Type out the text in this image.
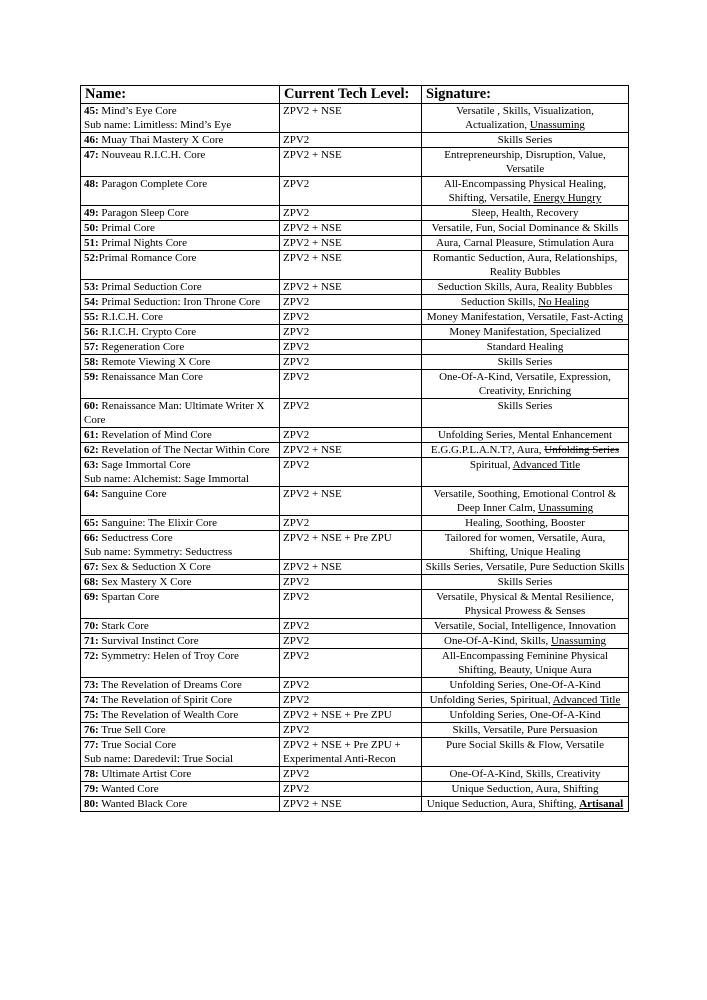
Name:	Current Tech Level:	Signature:
45: Mind’s Eye Core
Sub name: Limitless: Mind’s Eye	ZPV2 + NSE	Versatile , Skills, Visualization, Actualization, Unassuming
46: Muay Thai Mastery X Core	ZPV2	Skills Series
47: Nouveau R.I.C.H. Core	ZPV2 + NSE	Entrepreneurship, Disruption, Value, Versatile
48: Paragon Complete Core	ZPV2	All-Encompassing Physical Healing, Shifting, Versatile, Energy Hungry
49: Paragon Sleep Core	ZPV2	Sleep, Health, Recovery
50: Primal Core	ZPV2 + NSE	Versatile, Fun, Social Dominance & Skills
51: Primal Nights Core	ZPV2 + NSE	Aura, Carnal Pleasure, Stimulation Aura
52:Primal Romance Core	ZPV2 + NSE	Romantic Seduction, Aura, Relationships, Reality Bubbles
53: Primal Seduction Core	ZPV2 + NSE	Seduction Skills, Aura, Reality Bubbles
54: Primal Seduction: Iron Throne Core	ZPV2	Seduction Skills, No Healing
55: R.I.C.H. Core	ZPV2	Money Manifestation, Versatile, Fast-Acting
56: R.I.C.H. Crypto Core	ZPV2	Money Manifestation, Specialized
57: Regeneration Core	ZPV2	Standard Healing
58: Remote Viewing X Core	ZPV2	Skills Series
59: Renaissance Man Core	ZPV2	One-Of-A-Kind, Versatile, Expression, Creativity, Enriching
60: Renaissance Man: Ultimate Writer X Core	ZPV2	Skills Series
61: Revelation of Mind Core	ZPV2	Unfolding Series, Mental Enhancement
62: Revelation of The Nectar Within Core	ZPV2 + NSE	E.G.G.P.L.A.N.T?, Aura, Unfolding Series
63: Sage Immortal Core
Sub name: Alchemist: Sage Immortal	ZPV2	Spiritual, Advanced Title
64: Sanguine Core	ZPV2 + NSE	Versatile, Soothing, Emotional Control & Deep Inner Calm, Unassuming
65: Sanguine: The Elixir Core	ZPV2	Healing, Soothing, Booster
66: Seductress Core
Sub name: Symmetry: Seductress	ZPV2 + NSE + Pre ZPU	Tailored for women, Versatile, Aura, Shifting, Unique Healing
67: Sex & Seduction X Core	ZPV2 + NSE	Skills Series, Versatile, Pure Seduction Skills
68: Sex Mastery X Core	ZPV2	Skills Series
69: Spartan Core	ZPV2	Versatile, Physical & Mental Resilience, Physical Prowess & Senses
70: Stark Core	ZPV2	Versatile, Social, Intelligence, Innovation
71: Survival Instinct Core	ZPV2	One-Of-A-Kind, Skills, Unassuming
72: Symmetry: Helen of Troy Core	ZPV2	All-Encompassing Feminine Physical Shifting, Beauty, Unique Aura
73: The Revelation of Dreams Core	ZPV2	Unfolding Series, One-Of-A-Kind
74: The Revelation of Spirit Core	ZPV2	Unfolding Series, Spiritual, Advanced Title
75: The Revelation of Wealth Core	ZPV2 + NSE + Pre ZPU	Unfolding Series, One-Of-A-Kind
76: True Sell Core	ZPV2	Skills, Versatile, Pure Persuasion
77: True Social Core
Sub name: Daredevil: True Social	ZPV2 + NSE + Pre ZPU + Experimental Anti-Recon	Pure Social Skills & Flow, Versatile
78: Ultimate Artist Core	ZPV2	One-Of-A-Kind, Skills, Creativity
79: Wanted Core	ZPV2	Unique Seduction, Aura, Shifting
80: Wanted Black Core	ZPV2 + NSE	Unique Seduction, Aura, Shifting, Artisanal
